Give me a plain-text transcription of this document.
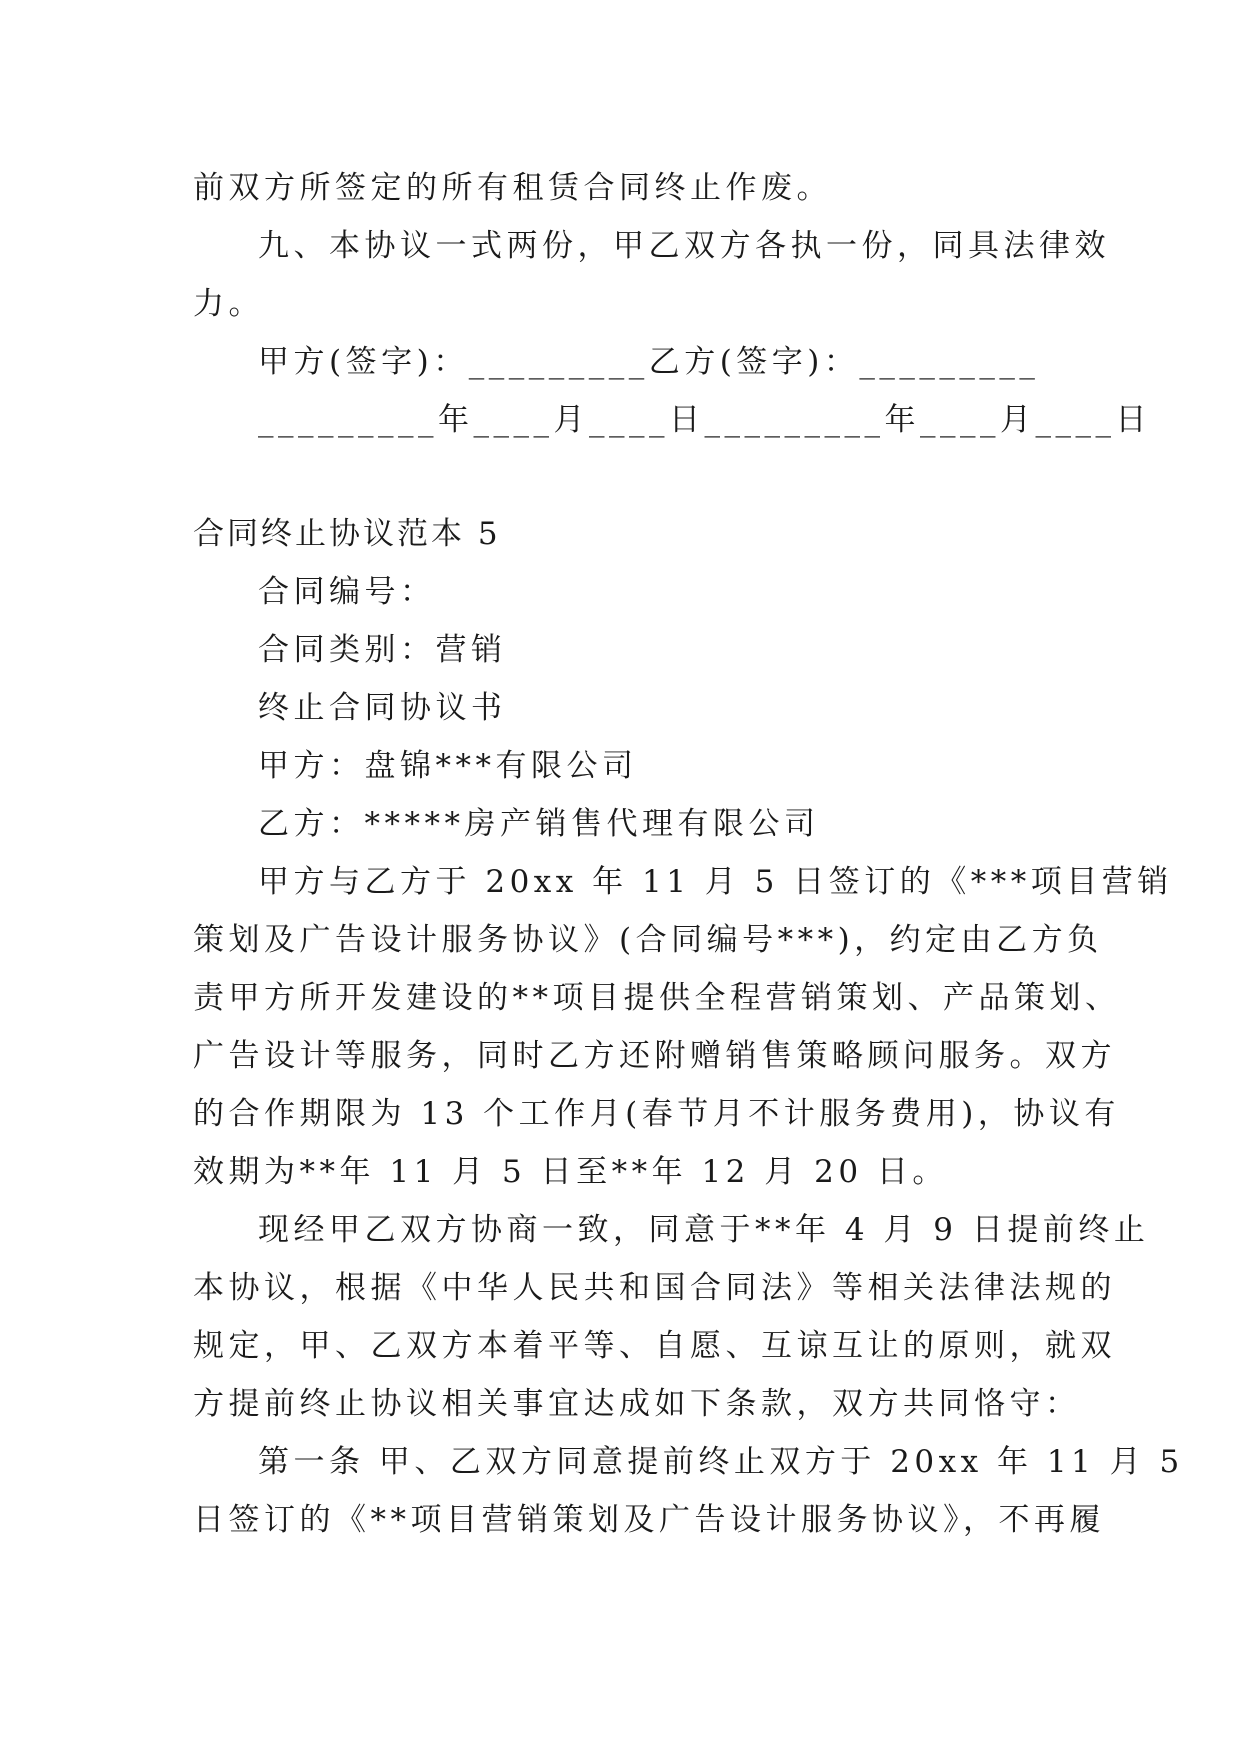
前双方所签定的所有租赁合同终止作废。
九、本协议一式两份，甲乙双方各执一份，同具法律效
力。
甲方(签字)：_________乙方(签字)：_________
_________年____月____日_________年____月____日
合同终止协议范本 5
合同编号：
合同类别：营销
终止合同协议书
甲方：盘锦***有限公司
乙方：*****房产销售代理有限公司
甲方与乙方于 20xx 年 11 月 5 日签订的《***项目营销
策划及广告设计服务协议》(合同编号***)，约定由乙方负
责甲方所开发建设的**项目提供全程营销策划、产品策划、
广告设计等服务，同时乙方还附赠销售策略顾问服务。双方
的合作期限为 13 个工作月(春节月不计服务费用)，协议有
效期为**年 11 月 5 日至**年 12 月 20 日。
现经甲乙双方协商一致，同意于**年 4 月 9 日提前终止
本协议，根据《中华人民共和国合同法》等相关法律法规的
规定，甲、乙双方本着平等、自愿、互谅互让的原则，就双
方提前终止协议相关事宜达成如下条款，双方共同恪守：
第一条 甲、乙双方同意提前终止双方于 20xx 年 11 月 5
日签订的《**项目营销策划及广告设计服务协议》，不再履
